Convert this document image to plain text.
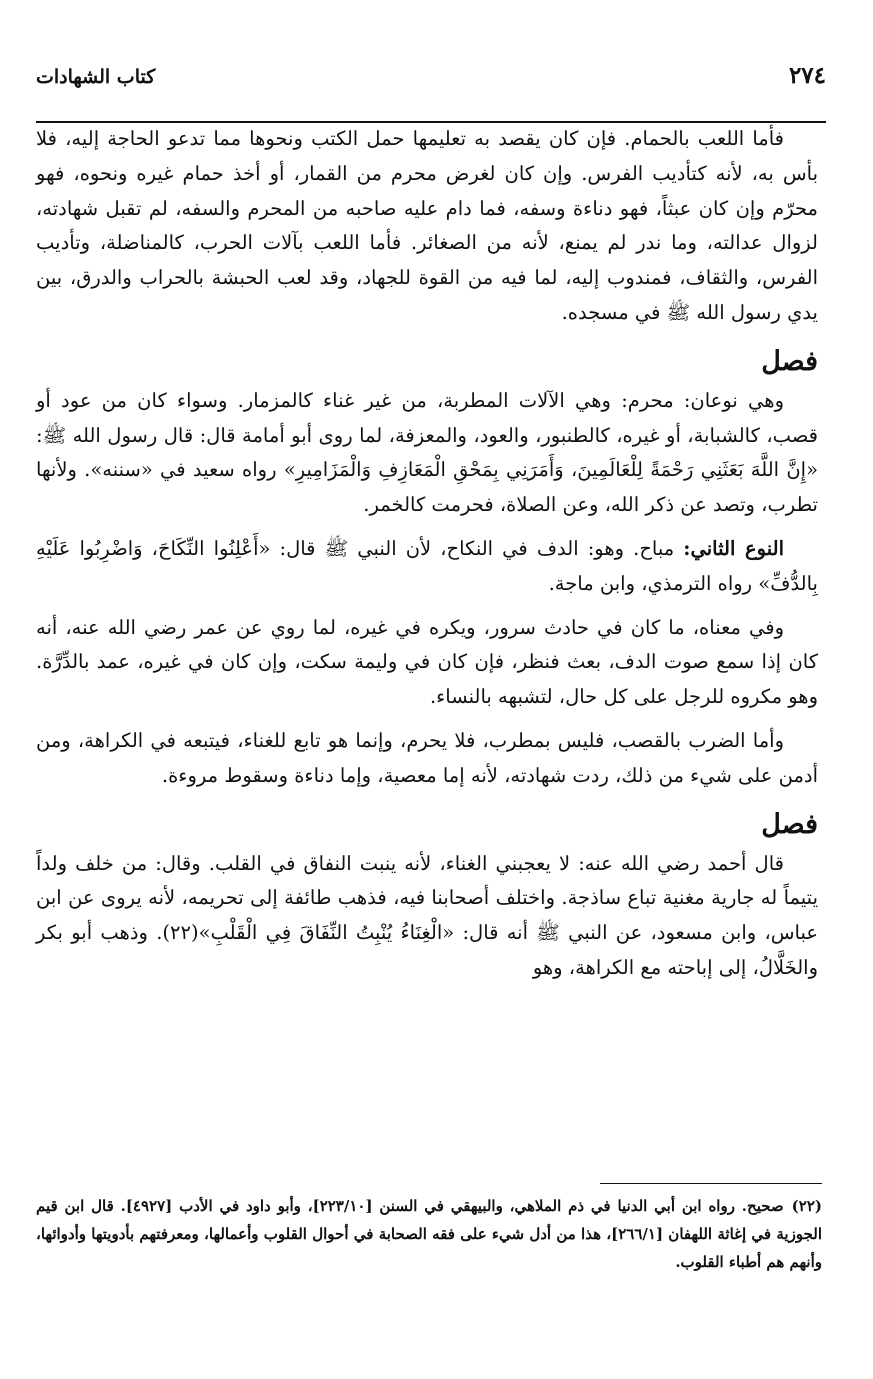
٢٧٤
كتاب الشهادات

فأما اللعب بالحمام. فإن كان يقصد به تعليمها حمل الكتب ونحوها مما تدعو الحاجة إليه، فلا بأس به، لأنه كتأديب الفرس. وإن كان لغرض محرم من القمار، أو أخذ حمام غيره ونحوه، فهو محرّم وإن كان عبثاً، فهو دناءة وسفه، فما دام عليه صاحبه من المحرم والسفه، لم تقبل شهادته، لزوال عدالته، وما ندر لم يمنع، لأنه من الصغائر. فأما اللعب بآلات الحرب، كالمناضلة، وتأديب الفرس، والثقاف، فمندوب إليه، لما فيه من القوة للجهاد، وقد لعب الحبشة بالحراب والدرق، بين يدي رسول الله ﷺ في مسجده.

فصل

وهي نوعان: محرم: وهي الآلات المطربة، من غير غناء كالمزمار. وسواء كان من عود أو قصب، كالشبابة، أو غيره، كالطنبور، والعود، والمعزفة، لما روى أبو أمامة قال: قال رسول الله ﷺ: «إِنَّ اللَّهَ بَعَثَنِي رَحْمَةً لِلْعَالَمِينَ، وَأَمَرَنِي بِمَحْقِ الْمَعَازِفِ وَالْمَزَامِيرِ» رواه سعيد في «سننه». ولأنها تطرب، وتصد عن ذكر الله، وعن الصلاة، فحرمت كالخمر.

النوع الثاني: مباح. وهو: الدف في النكاح، لأن النبي ﷺ قال: «أَعْلِنُوا النِّكَاحَ، وَاضْرِبُوا عَلَيْهِ بِالدُّفِّ» رواه الترمذي، وابن ماجة.

وفي معناه، ما كان في حادث سرور، ويكره في غيره، لما روي عن عمر رضي الله عنه، أنه كان إذا سمع صوت الدف، بعث فنظر، فإن كان في وليمة سكت، وإن كان في غيره، عمد بالدِّرَّة. وهو مكروه للرجل على كل حال، لتشبهه بالنساء.

وأما الضرب بالقصب، فليس بمطرب، فلا يحرم، وإنما هو تابع للغناء، فيتبعه في الكراهة، ومن أدمن على شيء من ذلك، ردت شهادته، لأنه إما معصية، وإما دناءة وسقوط مروءة.

فصل

قال أحمد رضي الله عنه: لا يعجبني الغناء، لأنه ينبت النفاق في القلب. وقال: من خلف ولداً يتيماً له جارية مغنية تباع ساذجة. واختلف أصحابنا فيه، فذهب طائفة إلى تحريمه، لأنه يروى عن ابن عباس، وابن مسعود، عن النبي ﷺ أنه قال: «الْغِنَاءُ يُنْبِتُ النِّفَاقَ فِي الْقَلْبِ»(٢٢). وذهب أبو بكر والخَلَّالُ، إلى إباحته مع الكراهة، وهو

(٢٢)صحيح. رواه ابن أبي الدنيا في ذم الملاهي، والبيهقي في السنن [٢٢٣/١٠]، وأبو داود في الأدب [٤٩٢٧]. قال ابن قيم الجوزية في إغاثة اللهفان [٢٦٦/١]، هذا من أدل شيء على فقه الصحابة في أحوال القلوب وأعمالها، ومعرفتهم بأدويتها وأدوائها، وأنهم هم أطباء القلوب.
